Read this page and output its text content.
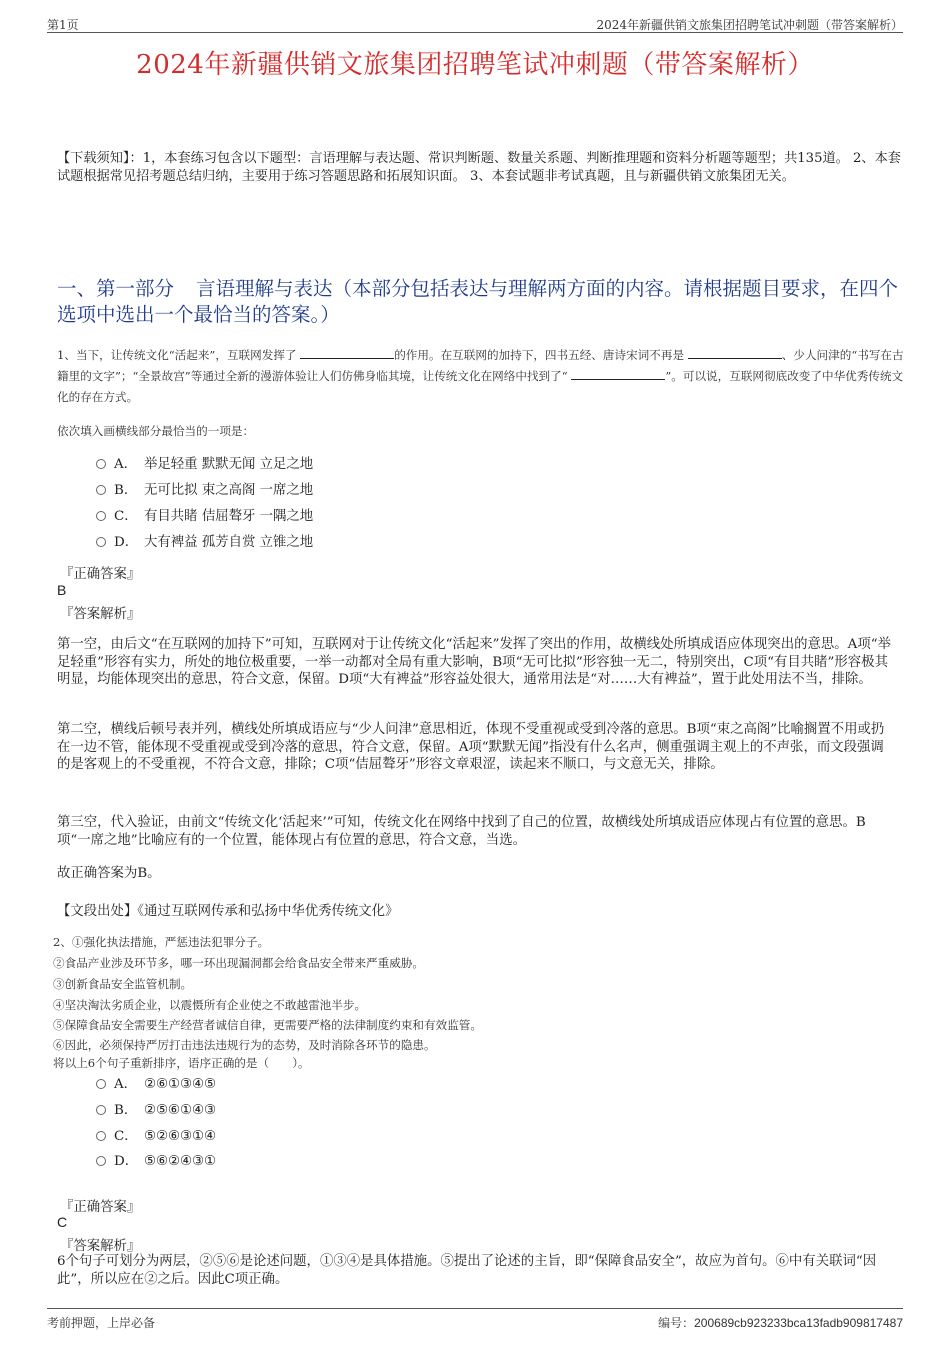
第1页	2024年新疆供销文旅集团招聘笔试冲刺题（带答案解析）
2024年新疆供销文旅集团招聘笔试冲刺题（带答案解析）
【下载须知】：1，本套练习包含以下题型：言语理解与表达题、常识判断题、数量关系题、判断推理题和资料分析题等题型；共135道。 2、本套试题根据常见招考题总结归纳，主要用于练习答题思路和拓展知识面。 3、本套试题非考试真题，且与新疆供销文旅集团无关。
一、第一部分 言语理解与表达（本部分包括表达与理解两方面的内容。请根据题目要求，在四个选项中选出一个最恰当的答案。）
1、当下，让传统文化“活起来”，互联网发挥了	的作用。在互联网的加持下，四书五经、唐诗宋词不再是	、少人问津的“书写在古籍里的文字”；“全景故宫”等通过全新的漫游体验让人们仿佛身临其境，让传统文化在网络中找到了“	”。可以说，互联网彻底改变了中华优秀传统文化的存在方式。
依次填入画横线部分最恰当的一项是：
A． 举足轻重 默默无闻 立足之地
B． 无可比拟 束之高阁 一席之地
C． 有目共睹 佶屈聱牙 一隅之地
D． 大有裨益 孤芳自赏 立锥之地
『正确答案』
B
『答案解析』
第一空，由后文“在互联网的加持下”可知，互联网对于让传统文化“活起来”发挥了突出的作用，故横线处所填成语应体现突出的意思。A项“举足轻重”形容有实力，所处的地位极重要，一举一动都对全局有重大影响，B项“无可比拟”形容独一无二，特别突出，C项“有目共睹”形容极其明显，均能体现突出的意思，符合文意，保留。D项“大有裨益”形容益处很大，通常用法是“对……大有裨益”，置于此处用法不当，排除。
第二空，横线后顿号表并列，横线处所填成语应与“少人问津”意思相近，体现不受重视或受到冷落的意思。B项“束之高阁”比喻搁置不用或扔在一边不管，能体现不受重视或受到冷落的意思，符合文意，保留。A项“默默无闻”指没有什么名声，侧重强调主观上的不声张，而文段强调的是客观上的不受重视，不符合文意，排除；C项“佶屈聱牙”形容文章艰涩，读起来不顺口，与文意无关，排除。
第三空，代入验证，由前文“传统文化‘活起来’”可知，传统文化在网络中找到了自己的位置，故横线处所填成语应体现占有位置的意思。B项“一席之地”比喻应有的一个位置，能体现占有位置的意思，符合文意，当选。
故正确答案为B。
【文段出处】《通过互联网传承和弘扬中华优秀传统文化》
2、①强化执法措施，严惩违法犯罪分子。
②食品产业涉及环节多，哪一环出现漏洞都会给食品安全带来严重威胁。
③创新食品安全监管机制。
④坚决淘汰劣质企业，以震慑所有企业使之不敢越雷池半步。
⑤保障食品安全需要生产经营者诚信自律，更需要严格的法律制度约束和有效监管。
⑥因此，必须保持严厉打击违法违规行为的态势，及时消除各环节的隐患。
将以上6个句子重新排序，语序正确的是（　　）。
A． ②⑥①③④⑤
B． ②⑤⑥①④③
C． ⑤②⑥③①④
D． ⑤⑥②④③①
『正确答案』
C
『答案解析』
6个句子可划分为两层，②⑤⑥是论述问题，①③④是具体措施。⑤提出了论述的主旨，即“保障食品安全”，故应为首句。⑥中有关联词“因此”，所以应在②之后。因此C项正确。
考前押题，上岸必备	编号：200689cb923233bca13fadb909817487
